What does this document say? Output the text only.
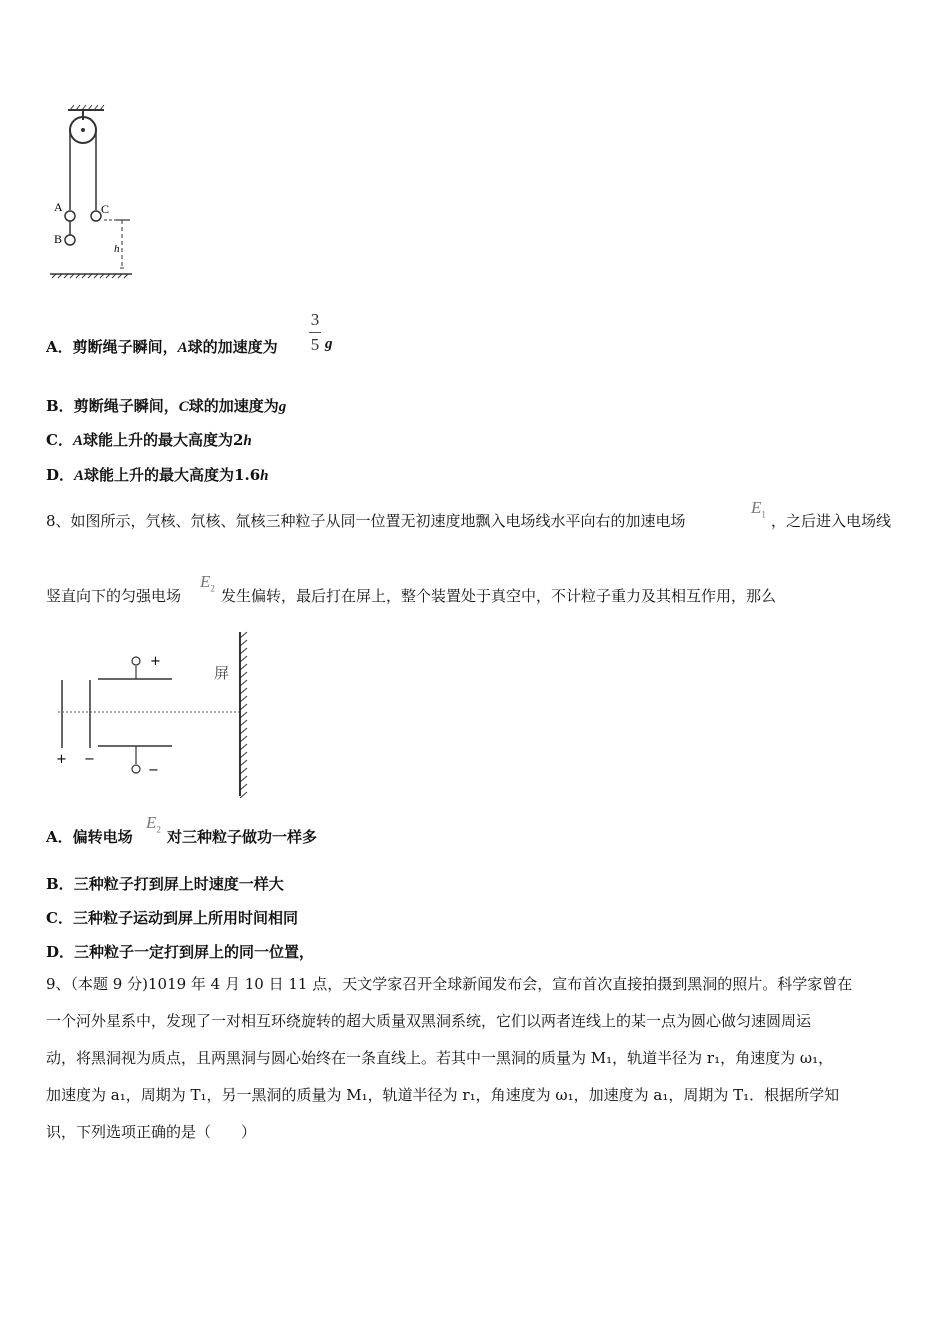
A
B
C
h
A．剪断绳子瞬间，A球的加速度为
3
5 g
B．剪断绳子瞬间，C球的加速度为g
C．A球能上升的最大高度为2h
D．A球能上升的最大高度为1.6h
8、如图所示，氕核、氘核、氚核三种粒子从同一位置无初速度地飘入电场线水平向右的加速电场
$E_1$ ，之后进入电场线
竖直向下的匀强电场
$E_2$ 发生偏转，最后打在屏上，整个装置处于真空中，不计粒子重力及其相互作用，那么
+
−
+ −
屏
A．偏转电场
$E_2$ 对三种粒子做功一样多
B．三种粒子打到屏上时速度一样大
C．三种粒子运动到屏上所用时间相同
D．三种粒子一定打到屏上的同一位置，
9、（本题 9 分)1019 年 4 月 10 日 11 点，天文学家召开全球新闻发布会，宣布首次直接拍摄到黑洞的照片。科学家曾在
一个河外星系中，发现了一对相互环绕旋转的超大质量双黑洞系统，它们以两者连线上的某一点为圆心做匀速圆周运
动，将黑洞视为质点，且两黑洞与圆心始终在一条直线上。若其中一黑洞的质量为 M₁，轨道半径为 r₁，角速度为 ω₁，
加速度为 a₁，周期为 T₁，另一黑洞的质量为 M₁，轨道半径为 r₁，角速度为 ω₁，加速度为 a₁，周期为 T₁．根据所学知
识，下列选项正确的是（　　）
